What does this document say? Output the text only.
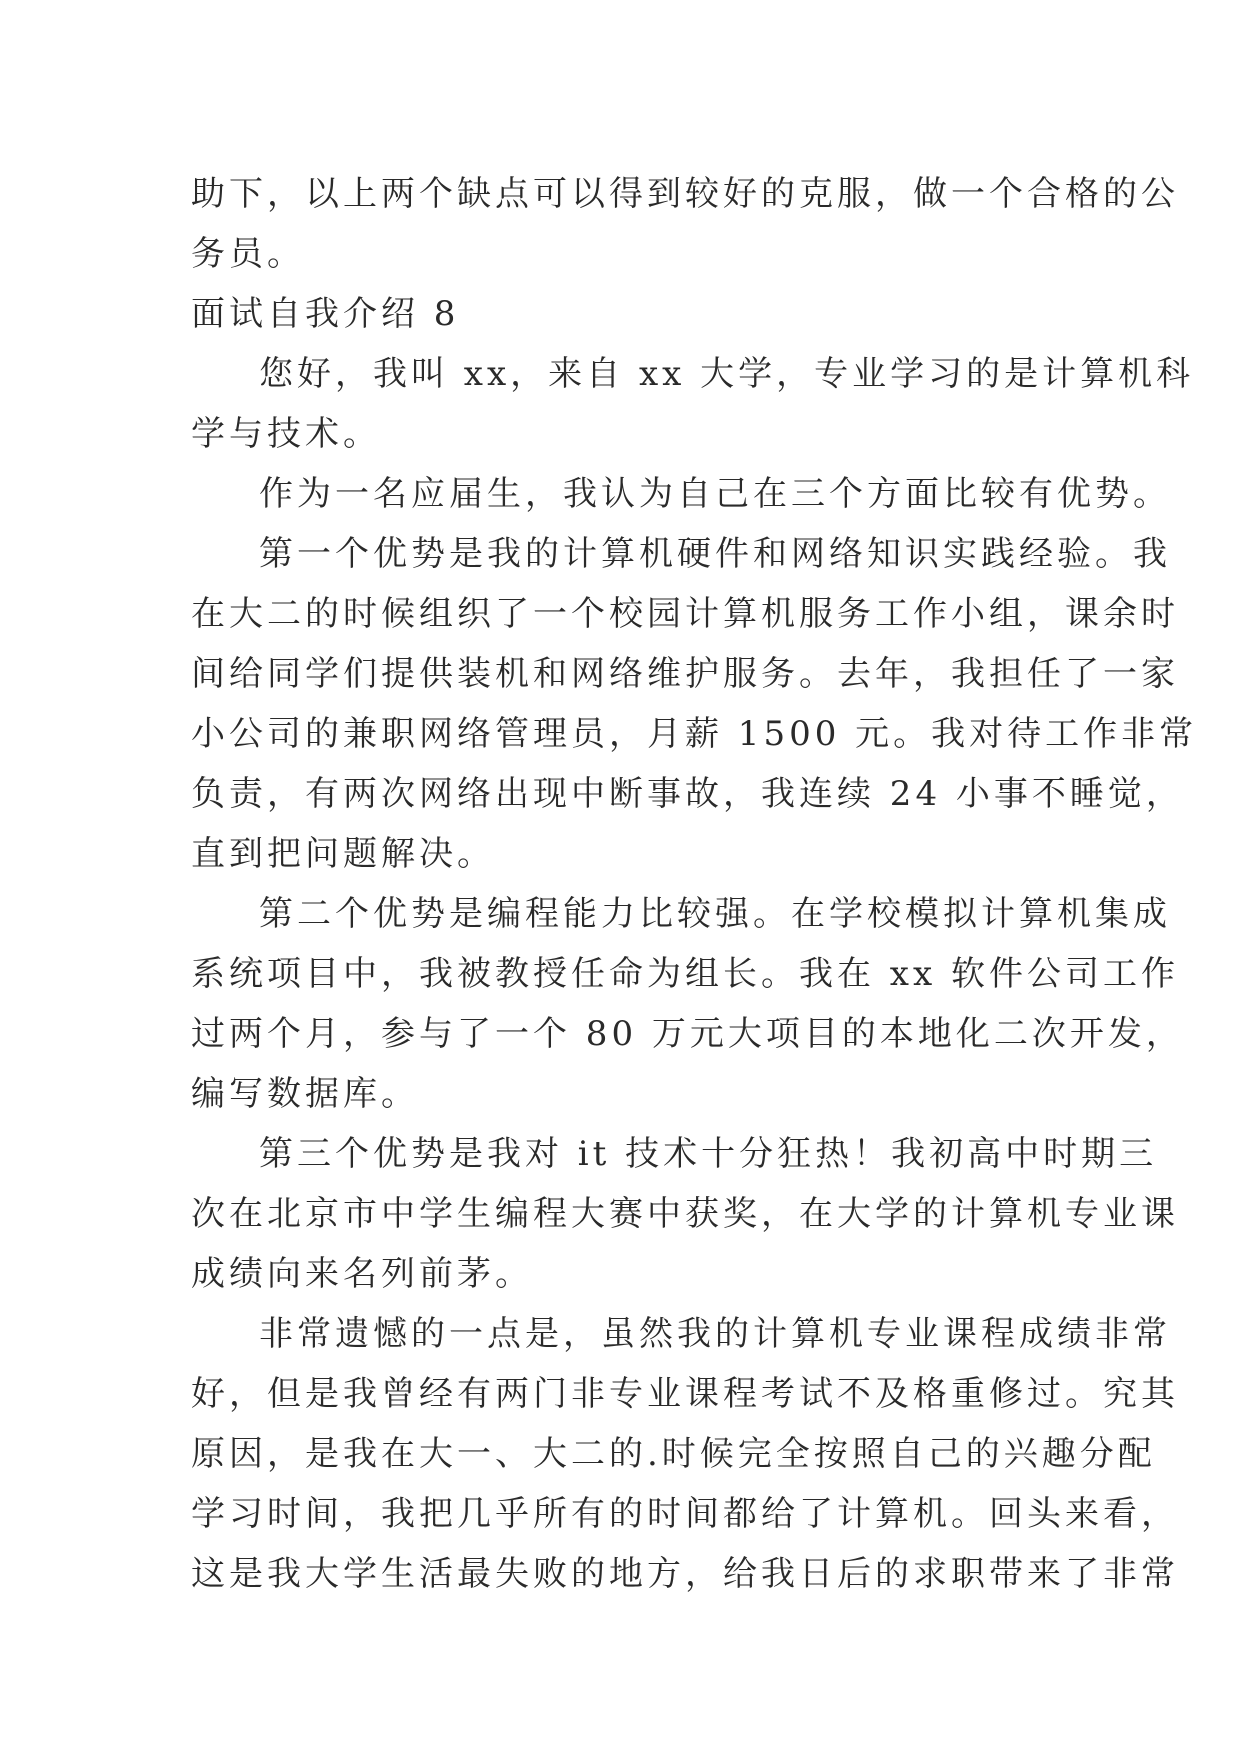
助下，以上两个缺点可以得到较好的克服，做一个合格的公
务员。
面试自我介绍 8
您好，我叫 xx，来自 xx 大学，专业学习的是计算机科
学与技术。
作为一名应届生，我认为自己在三个方面比较有优势。
第一个优势是我的计算机硬件和网络知识实践经验。我
在大二的时候组织了一个校园计算机服务工作小组，课余时
间给同学们提供装机和网络维护服务。去年，我担任了一家
小公司的兼职网络管理员，月薪 1500 元。我对待工作非常
负责，有两次网络出现中断事故，我连续 24 小事不睡觉，
直到把问题解决。
第二个优势是编程能力比较强。在学校模拟计算机集成
系统项目中，我被教授任命为组长。我在 xx 软件公司工作
过两个月，参与了一个 80 万元大项目的本地化二次开发，
编写数据库。
第三个优势是我对 it 技术十分狂热！我初高中时期三
次在北京市中学生编程大赛中获奖，在大学的计算机专业课
成绩向来名列前茅。
非常遗憾的一点是，虽然我的计算机专业课程成绩非常
好，但是我曾经有两门非专业课程考试不及格重修过。究其
原因，是我在大一、大二的.时候完全按照自己的兴趣分配
学习时间，我把几乎所有的时间都给了计算机。回头来看，
这是我大学生活最失败的地方，给我日后的求职带来了非常
